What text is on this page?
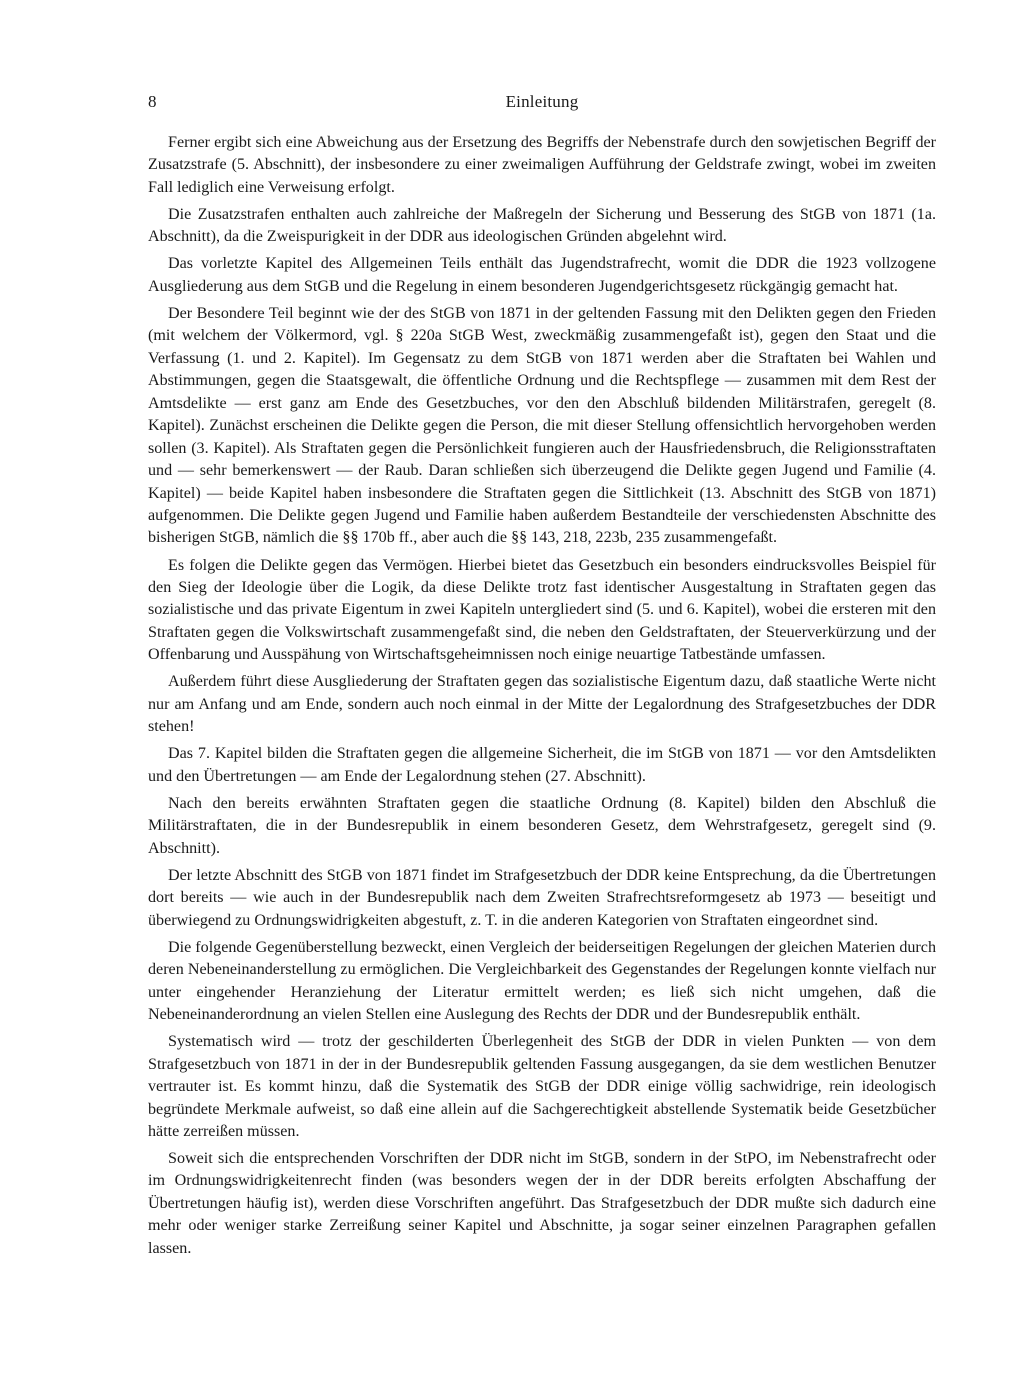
8	Einleitung

Ferner ergibt sich eine Abweichung aus der Ersetzung des Begriffs der Nebenstrafe durch den sowjetischen Begriff der Zusatzstrafe (5. Abschnitt), der insbesondere zu einer zweimaligen Aufführung der Geldstrafe zwingt, wobei im zweiten Fall lediglich eine Verweisung erfolgt.

Die Zusatzstrafen enthalten auch zahlreiche der Maßregeln der Sicherung und Besserung des StGB von 1871 (1a. Abschnitt), da die Zweispurigkeit in der DDR aus ideologischen Gründen abgelehnt wird.

Das vorletzte Kapitel des Allgemeinen Teils enthält das Jugendstrafrecht, womit die DDR die 1923 vollzogene Ausgliederung aus dem StGB und die Regelung in einem besonderen Jugendgerichtsgesetz rückgängig gemacht hat.

Der Besondere Teil beginnt wie der des StGB von 1871 in der geltenden Fassung mit den Delikten gegen den Frieden (mit welchem der Völkermord, vgl. § 220a StGB West, zweckmäßig zusammengefaßt ist), gegen den Staat und die Verfassung (1. und 2. Kapitel). Im Gegensatz zu dem StGB von 1871 werden aber die Straftaten bei Wahlen und Abstimmungen, gegen die Staatsgewalt, die öffentliche Ordnung und die Rechtspflege — zusammen mit dem Rest der Amtsdelikte — erst ganz am Ende des Gesetzbuches, vor den den Abschluß bildenden Militärstrafen, geregelt (8. Kapitel). Zunächst erscheinen die Delikte gegen die Person, die mit dieser Stellung offensichtlich hervorgehoben werden sollen (3. Kapitel). Als Straftaten gegen die Persönlichkeit fungieren auch der Hausfriedensbruch, die Religionsstraftaten und — sehr bemerkenswert — der Raub. Daran schließen sich überzeugend die Delikte gegen Jugend und Familie (4. Kapitel) — beide Kapitel haben insbesondere die Straftaten gegen die Sittlichkeit (13. Abschnitt des StGB von 1871) aufgenommen. Die Delikte gegen Jugend und Familie haben außerdem Bestandteile der verschiedensten Abschnitte des bisherigen StGB, nämlich die §§ 170b ff., aber auch die §§ 143, 218, 223b, 235 zusammengefaßt.

Es folgen die Delikte gegen das Vermögen. Hierbei bietet das Gesetzbuch ein besonders eindrucksvolles Beispiel für den Sieg der Ideologie über die Logik, da diese Delikte trotz fast identischer Ausgestaltung in Straftaten gegen das sozialistische und das private Eigentum in zwei Kapiteln untergliedert sind (5. und 6. Kapitel), wobei die ersteren mit den Straftaten gegen die Volkswirtschaft zusammengefaßt sind, die neben den Geldstraftaten, der Steuerverkürzung und der Offenbarung und Ausspähung von Wirtschaftsgeheimnissen noch einige neuartige Tatbestände umfassen.

Außerdem führt diese Ausgliederung der Straftaten gegen das sozialistische Eigentum dazu, daß staatliche Werte nicht nur am Anfang und am Ende, sondern auch noch einmal in der Mitte der Legalordnung des Strafgesetzbuches der DDR stehen!

Das 7. Kapitel bilden die Straftaten gegen die allgemeine Sicherheit, die im StGB von 1871 — vor den Amtsdelikten und den Übertretungen — am Ende der Legalordnung stehen (27. Abschnitt).

Nach den bereits erwähnten Straftaten gegen die staatliche Ordnung (8. Kapitel) bilden den Abschluß die Militärstraftaten, die in der Bundesrepublik in einem besonderen Gesetz, dem Wehrstrafgesetz, geregelt sind (9. Abschnitt).

Der letzte Abschnitt des StGB von 1871 findet im Strafgesetzbuch der DDR keine Entsprechung, da die Übertretungen dort bereits — wie auch in der Bundesrepublik nach dem Zweiten Strafrechtsreformgesetz ab 1973 — beseitigt und überwiegend zu Ordnungswidrigkeiten abgestuft, z. T. in die anderen Kategorien von Straftaten eingeordnet sind.

Die folgende Gegenüberstellung bezweckt, einen Vergleich der beiderseitigen Regelungen der gleichen Materien durch deren Nebeneinanderstellung zu ermöglichen. Die Vergleichbarkeit des Gegenstandes der Regelungen konnte vielfach nur unter eingehender Heranziehung der Literatur ermittelt werden; es ließ sich nicht umgehen, daß die Nebeneinanderordnung an vielen Stellen eine Auslegung des Rechts der DDR und der Bundesrepublik enthält.

Systematisch wird — trotz der geschilderten Überlegenheit des StGB der DDR in vielen Punkten — von dem Strafgesetzbuch von 1871 in der in der Bundesrepublik geltenden Fassung ausgegangen, da sie dem westlichen Benutzer vertrauter ist. Es kommt hinzu, daß die Systematik des StGB der DDR einige völlig sachwidrige, rein ideologisch begründete Merkmale aufweist, so daß eine allein auf die Sachgerechtigkeit abstellende Systematik beide Gesetzbücher hätte zerreißen müssen.

Soweit sich die entsprechenden Vorschriften der DDR nicht im StGB, sondern in der StPO, im Nebenstrafrecht oder im Ordnungswidrigkeitenrecht finden (was besonders wegen der in der DDR bereits erfolgten Abschaffung der Übertretungen häufig ist), werden diese Vorschriften angeführt. Das Strafgesetzbuch der DDR mußte sich dadurch eine mehr oder weniger starke Zerreißung seiner Kapitel und Abschnitte, ja sogar seiner einzelnen Paragraphen gefallen lassen.
